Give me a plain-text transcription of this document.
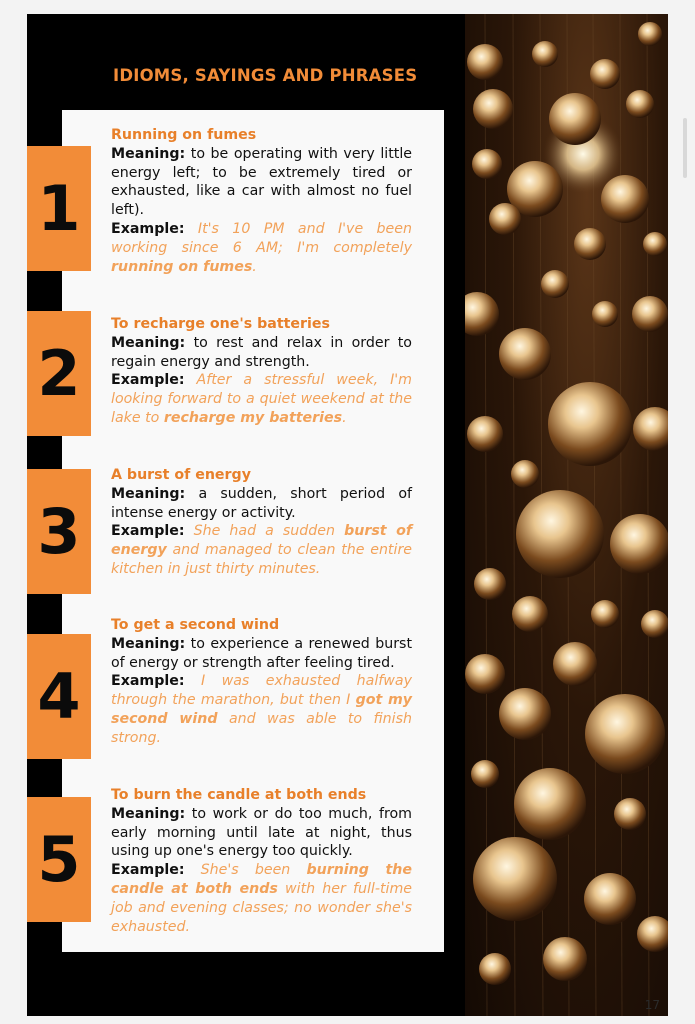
IDIOMS, SAYINGS AND PHRASES
1
2
3
4
5

Running on fumes

Meaning: to be operating with very little energy left; to be extremely tired or exhausted, like a car with almost no fuel left).

Example: It's 10 PM and I've been working since 6 AM; I'm completely running on fumes.

To recharge one's batteries

Meaning: to rest and relax in order to regain energy and strength.

Example: After a stressful week, I'm looking forward to a quiet weekend at the lake to recharge my batteries.

A burst of energy

Meaning: a sudden, short period of intense energy or activity.

Example: She had a sudden burst of energy and managed to clean the entire kitchen in just thirty minutes.

To get a second wind

Meaning: to experience a renewed burst of energy or strength after feeling tired.

Example: I was exhausted halfway through the marathon, but then I got my second wind and was able to finish strong.

To burn the candle at both ends

Meaning: to work or do too much, from early morning until late at night, thus using up one's energy too quickly.

Example: She's been burning the candle at both ends with her full-time job and evening classes; no wonder she's exhausted.

17
